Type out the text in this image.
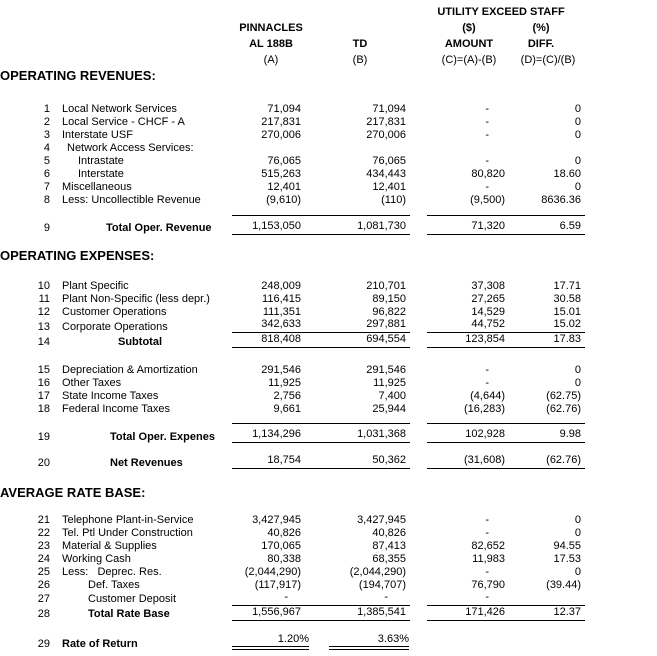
					UTILITY EXCEED STAFF	
		PINNACLES			($)	(%)
		AL 188B	TD		AMOUNT	DIFF.
		(A)	(B)		(C)=(A)-(B)	(D)=(C)/(B)
OPERATING REVENUES:						

1	Local Network Services	71,094	71,094		-	0
2	Local Service - CHCF - A	217,831	217,831		-	0
3	Interstate USF	270,006	270,006		-	0
4	Network Access Services:					
5	Intrastate	76,065	76,065		-	0
6	Interstate	515,263	434,443		80,820	18.60
7	Miscellaneous	12,401	12,401		-	0
8	Less: Uncollectible Revenue	(9,610)	(110)		(9,500)	8636.36

9	Total Oper. Revenue	1,153,050	1,081,730		71,320	6.59

OPERATING EXPENSES:						

10	Plant Specific	248,009	210,701		37,308	17.71
11	Plant Non-Specific (less depr.)	116,415	89,150		27,265	30.58
12	Customer Operations	111,351	96,822		14,529	15.01
13	Corporate Operations	342,633	297,881		44,752	15.02
14	Subtotal	818,408	694,554		123,854	17.83

15	Depreciation & Amortization	291,546	291,546		-	0
16	Other Taxes	11,925	11,925		-	0
17	State Income Taxes	2,756	7,400		(4,644)	(62.75)
18	Federal Income Taxes	9,661	25,944		(16,283)	(62.76)

19	Total Oper. Expenes	1,134,296	1,031,368		102,928	9.98

20	Net Revenues	18,754	50,362		(31,608)	(62.76)

AVERAGE RATE BASE:						

21	Telephone Plant-in-Service	3,427,945	3,427,945		-	0
22	Tel. Ptl Under Construction	40,826	40,826		-	0
23	Material & Supplies	170,065	87,413		82,652	94.55
24	Working Cash	80,338	68,355		11,983	17.53
25	Less:   Deprec. Res.	(2,044,290)	(2,044,290)		-	0
26	Def. Taxes	(117,917)	(194,707)		76,790	(39.44)
27	Customer Deposit	-	-		-	
28	Total Rate Base	1,556,967	1,385,541		171,426	12.37

29	Rate of Return	1.20%	3.63%			
